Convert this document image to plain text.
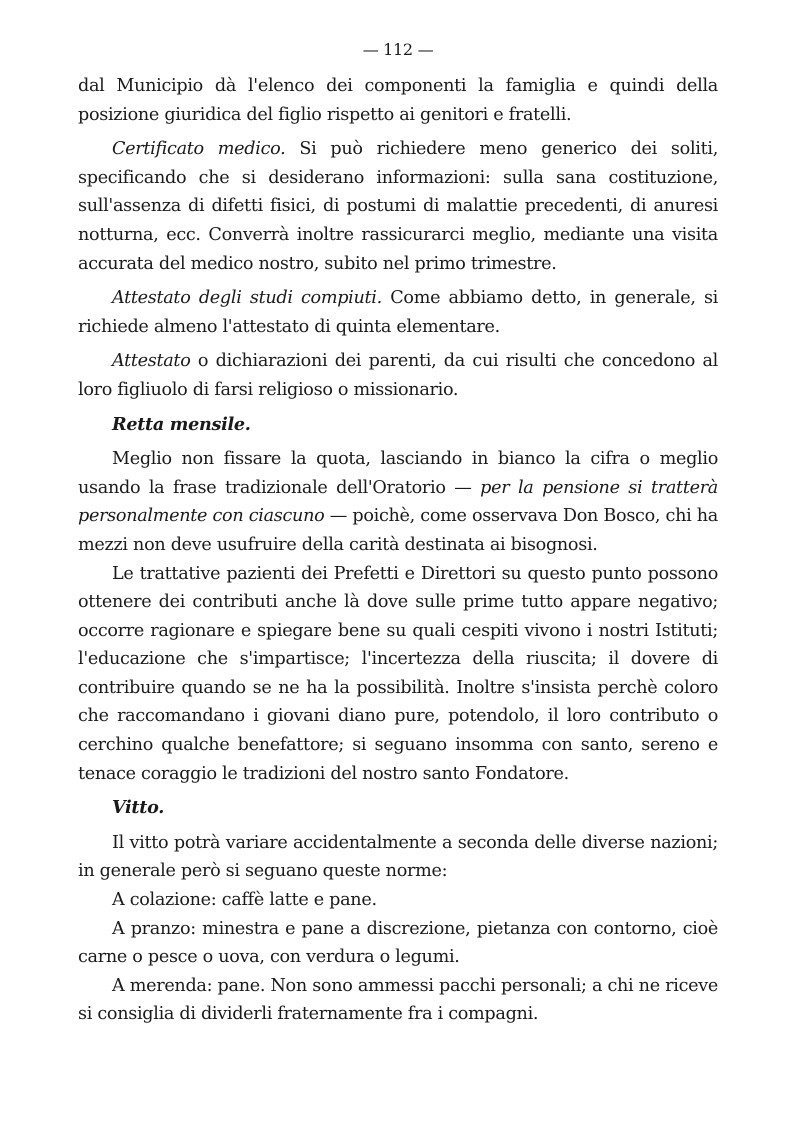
— 112 —

dal Municipio dà l'elenco dei componenti la famiglia e quindi della posizione giuridica del figlio rispetto ai genitori e fratelli.

Certificato medico. Si può richiedere meno generico dei soliti, specificando che si desiderano informazioni: sulla sana costituzione, sull'assenza di difetti fisici, di postumi di malattie precedenti, di anuresi notturna, ecc. Converrà inoltre rassicurarci meglio, mediante una visita accurata del medico nostro, subito nel primo trimestre.

Attestato degli studi compiuti. Come abbiamo detto, in generale, si richiede almeno l'attestato di quinta elementare.

Attestato o dichiarazioni dei parenti, da cui risulti che concedono al loro figliuolo di farsi religioso o missionario.

Retta mensile.

Meglio non fissare la quota, lasciando in bianco la cifra o meglio usando la frase tradizionale dell'Oratorio — per la pensione si tratterà personalmente con ciascuno — poichè, come osservava Don Bosco, chi ha mezzi non deve usufruire della carità destinata ai bisognosi.

Le trattative pazienti dei Prefetti e Direttori su questo punto possono ottenere dei contributi anche là dove sulle prime tutto appare negativo; occorre ragionare e spiegare bene su quali cespiti vivono i nostri Istituti; l'educazione che s'impartisce; l'incertezza della riuscita; il dovere di contribuire quando se ne ha la possibilità. Inoltre s'insista perchè coloro che raccomandano i giovani diano pure, potendolo, il loro contributo o cerchino qualche benefattore; si seguano insomma con santo, sereno e tenace coraggio le tradizioni del nostro santo Fondatore.

Vitto.

Il vitto potrà variare accidentalmente a seconda delle diverse nazioni; in generale però si seguano queste norme:

A colazione: caffè latte e pane.

A pranzo: minestra e pane a discrezione, pietanza con contorno, cioè carne o pesce o uova, con verdura o legumi.

A merenda: pane. Non sono ammessi pacchi personali; a chi ne riceve si consiglia di dividerli fraternamente fra i compagni.
